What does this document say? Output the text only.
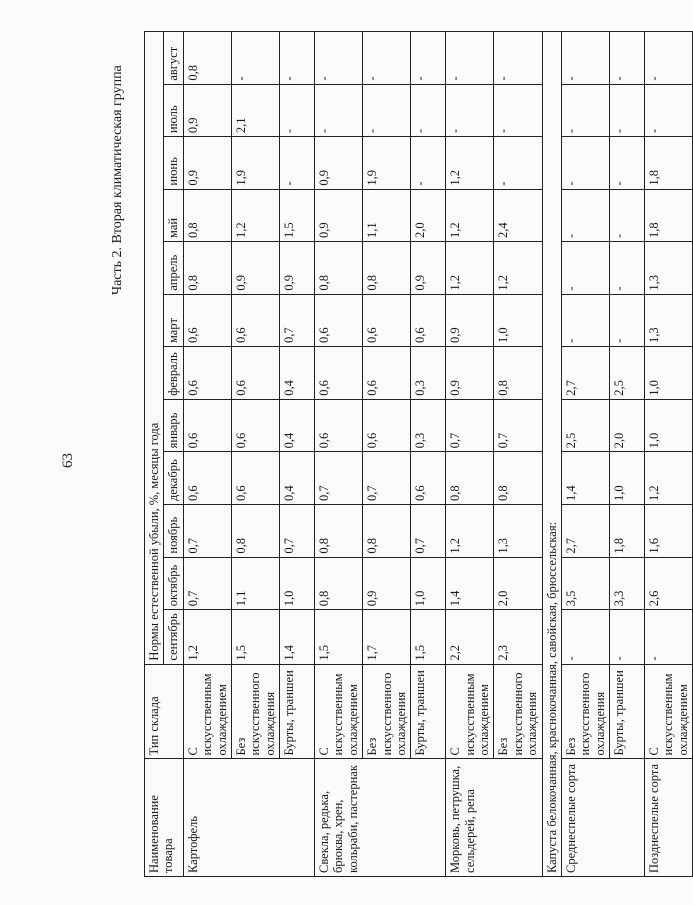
Часть 2. Вторая климатическая группа
63
Наименование товара	Тип склада	Нормы естественной убыли, %, месяцы года											
		сентябрь	октябрь	ноябрь	декабрь	январь	февраль	март	апрель	май	июнь	июль	август
Картофель	С искусственным охлаждением	1,2	0,7	0,7	0,6	0,6	0,6	0,6	0,8	0,8	0,9	0,9	0,8
	Без искусственного охлаждения	1,5	1,1	0,8	0,6	0,6	0,6	0,6	0,9	1,2	1,9	2,1	-
	Бурты, траншеи	1,4	1,0	0,7	0,4	0,4	0,4	0,7	0,9	1,5	-	-	-
Свекла, редька, брюква, хрен, кольраби, пастернак	С искусственным охлаждением	1,5	0,8	0,8	0,7	0,6	0,6	0,6	0,8	0,9	0,9	-	-
	Без искусственного охлаждения	1,7	0,9	0,8	0,7	0,6	0,6	0,6	0,8	1,1	1,9	-	-
	Бурты, траншеи	1,5	1,0	0,7	0,6	0,3	0,3	0,6	0,9	2,0	-	-	-
Морковь, петрушка, сельдерей, репа	С искусственным охлаждением	2,2	1,4	1,2	0,8	0,7	0,9	0,9	1,2	1,2	1,2	-	-
	Без искусственного охлаждения	2,3	2,0	1,3	0,8	0,7	0,8	1,0	1,2	2,4	-	-	-
Капуста белокочанная, краснокочанная, савойская, брюссельская:													
Среднеспелые сорта	Без искусственного охлаждения	-	3,5	2,7	1,4	2,5	2,7	-	-	-	-	-	-
	Бурты, траншеи	-	3,3	1,8	1,0	2,0	2,5	-	-	-	-	-	-
Позднеспелые сорта	С искусственным охлаждением	-	2,6	1,6	1,2	1,0	1,0	1,3	1,3	1,8	1,8	-	-
